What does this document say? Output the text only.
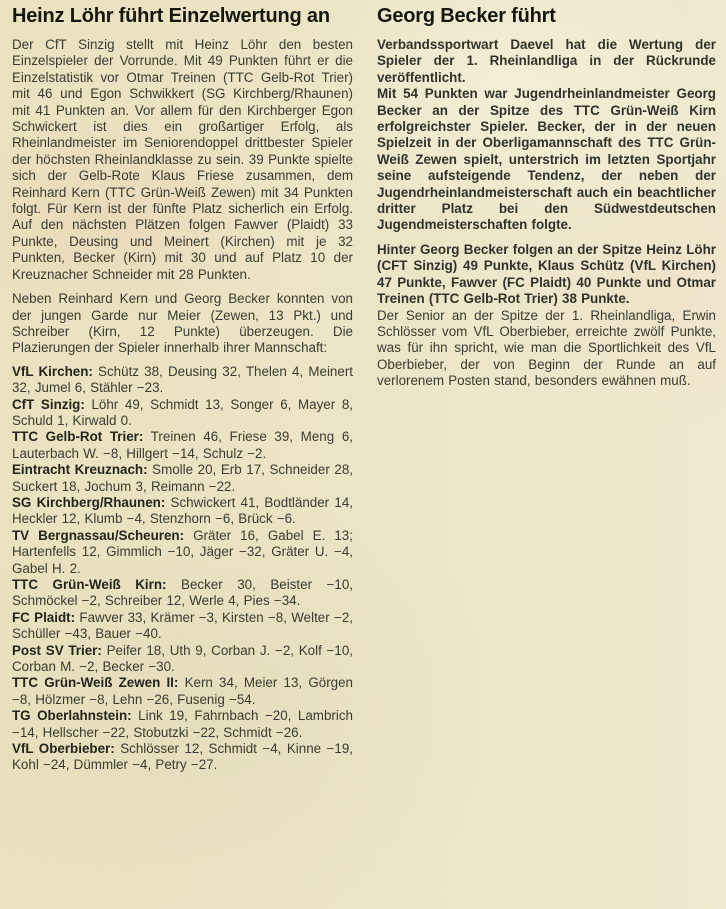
Heinz Löhr führt Einzelwertung an

Der CfT Sinzig stellt mit Heinz Löhr den besten Einzelspieler der Vorrunde. Mit 49 Punkten führt er die Einzelstatistik vor Otmar Treinen (TTC Gelb-Rot Trier) mit 46 und Egon Schwikkert (SG Kirchberg/Rhaunen) mit 41 Punkten an. Vor allem für den Kirchberger Egon Schwickert ist dies ein großartiger Erfolg, als Rheinlandmeister im Seniorendoppel drittbester Spieler der höchsten Rheinlandklasse zu sein. 39 Punkte spielte sich der Gelb-Rote Klaus Friese zusammen, dem Reinhard Kern (TTC Grün-Weiß Zewen) mit 34 Punkten folgt. Für Kern ist der fünfte Platz sicherlich ein Erfolg. Auf den nächsten Plätzen folgen Fawver (Plaidt) 33 Punkte, Deusing und Meinert (Kirchen) mit je 32 Punkten, Becker (Kirn) mit 30 und auf Platz 10 der Kreuznacher Schneider mit 28 Punkten.

Neben Reinhard Kern und Georg Becker konnten von der jungen Garde nur Meier (Zewen, 13 Pkt.) und Schreiber (Kirn, 12 Punkte) überzeugen. Die Plazierungen der Spieler innerhalb ihrer Mannschaft:

VfL Kirchen: Schütz 38, Deusing 32, Thelen 4, Meinert 32, Jumel 6, Stähler −23.

CfT Sinzig: Löhr 49, Schmidt 13, Songer 6, Mayer 8, Schuld 1, Kirwald 0.

TTC Gelb-Rot Trier: Treinen 46, Friese 39, Meng 6, Lauterbach W. −8, Hillgert −14, Schulz −2.

Eintracht Kreuznach: Smolle 20, Erb 17, Schneider 28, Suckert 18, Jochum 3, Reimann −22.

SG Kirchberg/Rhaunen: Schwickert 41, Bodtländer 14, Heckler 12, Klumb −4, Stenzhorn −6, Brück −6.

TV Bergnassau/Scheuren: Gräter 16, Gabel E. 13; Hartenfells 12, Gimmlich −10, Jäger −32, Gräter U. −4, Gabel H. 2.

TTC Grün-Weiß Kirn: Becker 30, Beister −10, Schmöckel −2, Schreiber 12, Werle 4, Pies −34.

FC Plaidt: Fawver 33, Krämer −3, Kirsten −8, Welter −2, Schüller −43, Bauer −40.

Post SV Trier: Peifer 18, Uth 9, Corban J. −2, Kolf −10, Corban M. −2, Becker −30.

TTC Grün-Weiß Zewen II: Kern 34, Meier 13, Görgen −8, Hölzmer −8, Lehn −26, Fusenig −54.

TG Oberlahnstein: Link 19, Fahrnbach −20, Lambrich −14, Hellscher −22, Stobutzki −22, Schmidt −26.

VfL Oberbieber: Schlösser 12, Schmidt −4, Kinne −19, Kohl −24, Dümmler −4, Petry −27.

Georg Becker führt

Verbandssportwart Daevel hat die Wertung der Spieler der 1. Rheinlandliga in der Rückrunde veröffentlicht.

Mit 54 Punkten war Jugendrheinlandmeister Georg Becker an der Spitze des TTC Grün-Weiß Kirn erfolgreichster Spieler. Becker, der in der neuen Spielzeit in der Oberligamannschaft des TTC Grün-Weiß Zewen spielt, unterstrich im letzten Sportjahr seine aufsteigende Tendenz, der neben der Jugendrheinlandmeisterschaft auch ein beachtlicher dritter Platz bei den Südwestdeutschen Jugendmeisterschaften folgte.

Hinter Georg Becker folgen an der Spitze Heinz Löhr (CFT Sinzig) 49 Punkte, Klaus Schütz (VfL Kirchen) 47 Punkte, Fawver (FC Plaidt) 40 Punkte und Otmar Treinen (TTC Gelb-Rot Trier) 38 Punkte.

Der Senior an der Spitze der 1. Rheinlandliga, Erwin Schlösser vom VfL Oberbieber, erreichte zwölf Punkte, was für ihn spricht, wie man die Sportlichkeit des VfL Oberbieber, der von Beginn der Runde an auf verlorenem Posten stand, besonders ewähnen muß.
